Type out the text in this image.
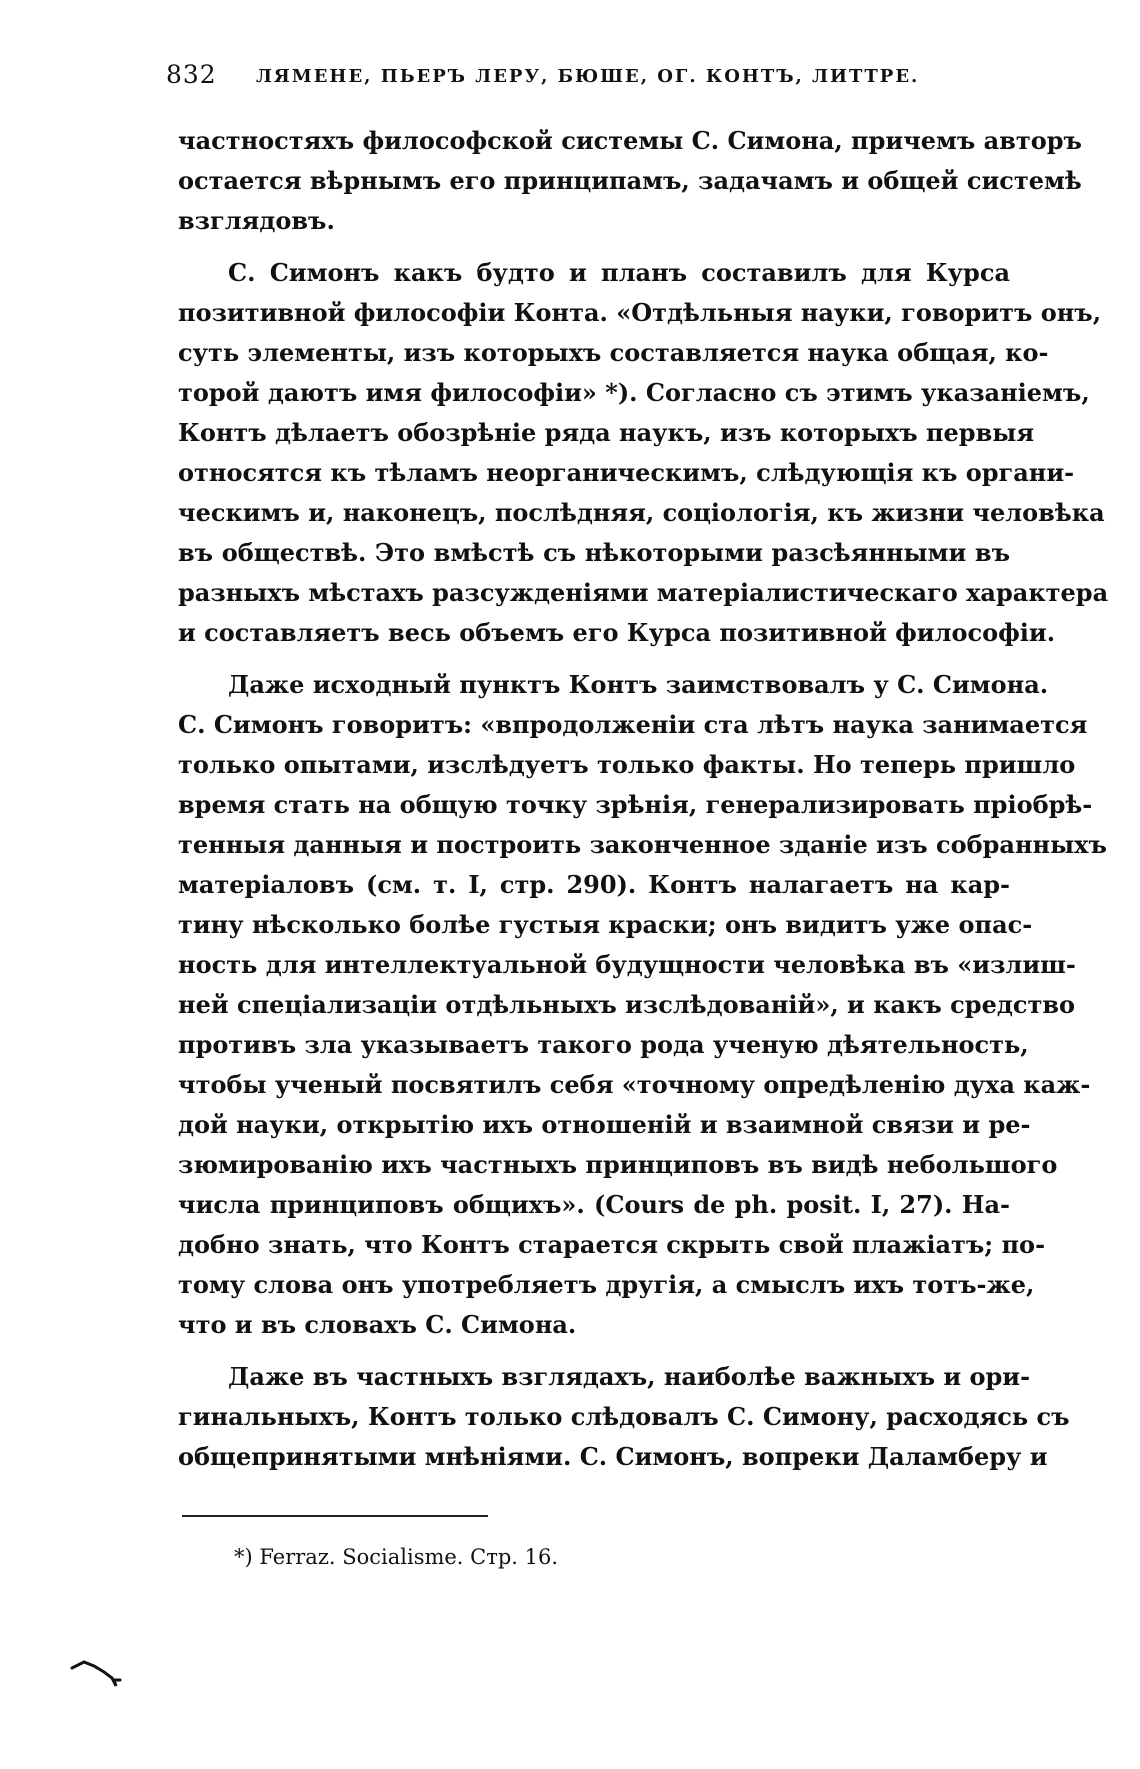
832 ЛЯМЕНЕ, ПЬЕРЪ ЛЕРУ, БЮШЕ, ОГ. КОНТЪ, ЛИТТРЕ.
частностяхъ философской системы С. Симона, причемъ авторъ
остается вѣрнымъ его принципамъ, задачамъ и общей системѣ
взглядовъ.
С. Симонъ какъ будто и планъ составилъ для Курса
позитивной философіи Конта. «Отдѣльныя науки, говоритъ онъ,
суть элементы, изъ которыхъ составляется наука общая, ко-
торой даютъ имя философіи» *). Согласно съ этимъ указаніемъ,
Контъ дѣлаетъ обозрѣніе ряда наукъ, изъ которыхъ первыя
относятся къ тѣламъ неорганическимъ, слѣдующія къ органи-
ческимъ и, наконецъ, послѣдняя, соціологія, къ жизни человѣка
въ обществѣ. Это вмѣстѣ съ нѣкоторыми разсѣянными въ
разныхъ мѣстахъ разсужденіями матеріалистическаго характера
и составляетъ весь объемъ его Курса позитивной философіи.
Даже исходный пунктъ Контъ заимствовалъ у С. Симона.
С. Симонъ говоритъ: «впродолженіи ста лѣтъ наука занимается
только опытами, изслѣдуетъ только факты. Но теперь пришло
время стать на общую точку зрѣнія, генерализировать пріобрѣ-
тенныя данныя и построить законченное зданіе изъ собранныхъ
матеріаловъ (см. т. I, стр. 290). Контъ налагаетъ на кар-
тину нѣсколько болѣе густыя краски; онъ видитъ уже опас-
ность для интеллектуальной будущности человѣка въ «излиш-
ней спеціализаціи отдѣльныхъ изслѣдованій», и какъ средство
противъ зла указываетъ такого рода ученую дѣятельность,
чтобы ученый посвятилъ себя «точному опредѣленію духа каж-
дой науки, открытію ихъ отношеній и взаимной связи и ре-
зюмированію ихъ частныхъ принциповъ въ видѣ небольшого
числа принциповъ общихъ». (Cours de ph. posit. I, 27). На-
добно знать, что Контъ старается скрыть свой плажіатъ; по-
тому слова онъ употребляетъ другія, а смыслъ ихъ тотъ-же,
что и въ словахъ С. Симона.
Даже въ частныхъ взглядахъ, наиболѣе важныхъ и ори-
гинальныхъ, Контъ только слѣдовалъ С. Симону, расходясь съ
общепринятыми мнѣніями. С. Симонъ, вопреки Даламберу и
*) Ferraz. Socialisme. Стр. 16.
